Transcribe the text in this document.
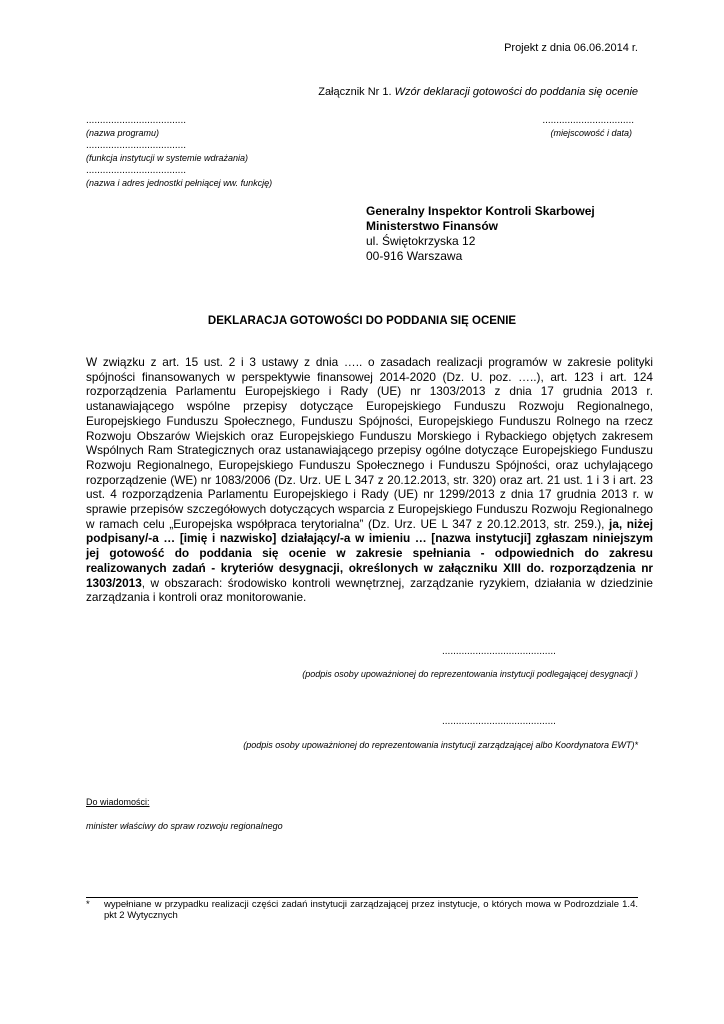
Projekt z dnia 06.06.2014 r.
Załącznik Nr 1. Wzór deklaracji gotowości do poddania się ocenie
....................................	.................................
(nazwa programu)	(miejscowość i data)
....................................
(funkcja instytucji w systemie wdrażania)
....................................
(nazwa i adres jednostki pełniącej ww. funkcję)
Generalny Inspektor Kontroli Skarbowej
Ministerstwo Finansów
ul. Świętokrzyska 12
00-916 Warszawa
DEKLARACJA GOTOWOŚCI DO PODDANIA SIĘ OCENIE
W związku z art. 15 ust. 2 i 3 ustawy z dnia ….. o zasadach realizacji programów w zakresie polityki spójności finansowanych w perspektywie finansowej 2014-2020 (Dz. U. poz. …..), art. 123 i art. 124 rozporządzenia Parlamentu Europejskiego i Rady (UE) nr 1303/2013 z dnia 17 grudnia 2013 r. ustanawiającego wspólne przepisy dotyczące Europejskiego Funduszu Rozwoju Regionalnego, Europejskiego Funduszu Społecznego, Funduszu Spójności, Europejskiego Funduszu Rolnego na rzecz Rozwoju Obszarów Wiejskich oraz Europejskiego Funduszu Morskiego i Rybackiego objętych zakresem Wspólnych Ram Strategicznych oraz ustanawiającego przepisy ogólne dotyczące Europejskiego Funduszu Rozwoju Regionalnego, Europejskiego Funduszu Społecznego i Funduszu Spójności, oraz uchylającego rozporządzenie (WE) nr 1083/2006 (Dz. Urz. UE L 347 z 20.12.2013, str. 320) oraz art. 21 ust. 1 i 3 i art. 23 ust. 4 rozporządzenia Parlamentu Europejskiego i Rady (UE) nr 1299/2013 z dnia 17 grudnia 2013 r. w sprawie przepisów szczegółowych dotyczących wsparcia z Europejskiego Funduszu Rozwoju Regionalnego w ramach celu „Europejska współpraca terytorialna” (Dz. Urz. UE L 347 z 20.12.2013, str. 259.), ja, niżej podpisany/-a … [imię i nazwisko] działający/-a w imieniu … [nazwa instytucji] zgłaszam niniejszym jej gotowość do poddania się ocenie w zakresie spełniania - odpowiednich do zakresu realizowanych zadań - kryteriów desygnacji, określonych w załączniku XIII do. rozporządzenia nr 1303/2013, w obszarach: środowisko kontroli wewnętrznej, zarządzanie ryzykiem, działania w dziedzinie zarządzania i kontroli oraz monitorowanie.
.........................................
(podpis osoby upoważnionej do reprezentowania instytucji podlegającej desygnacji )
.........................................
(podpis osoby upoważnionej do reprezentowania instytucji zarządzającej albo Koordynatora EWT)*
Do wiadomości:
minister właściwy do spraw rozwoju regionalnego
*	wypełniane w przypadku realizacji części zadań instytucji zarządzającej przez instytucje, o których mowa w Podrozdziale 1.4. pkt 2 Wytycznych
